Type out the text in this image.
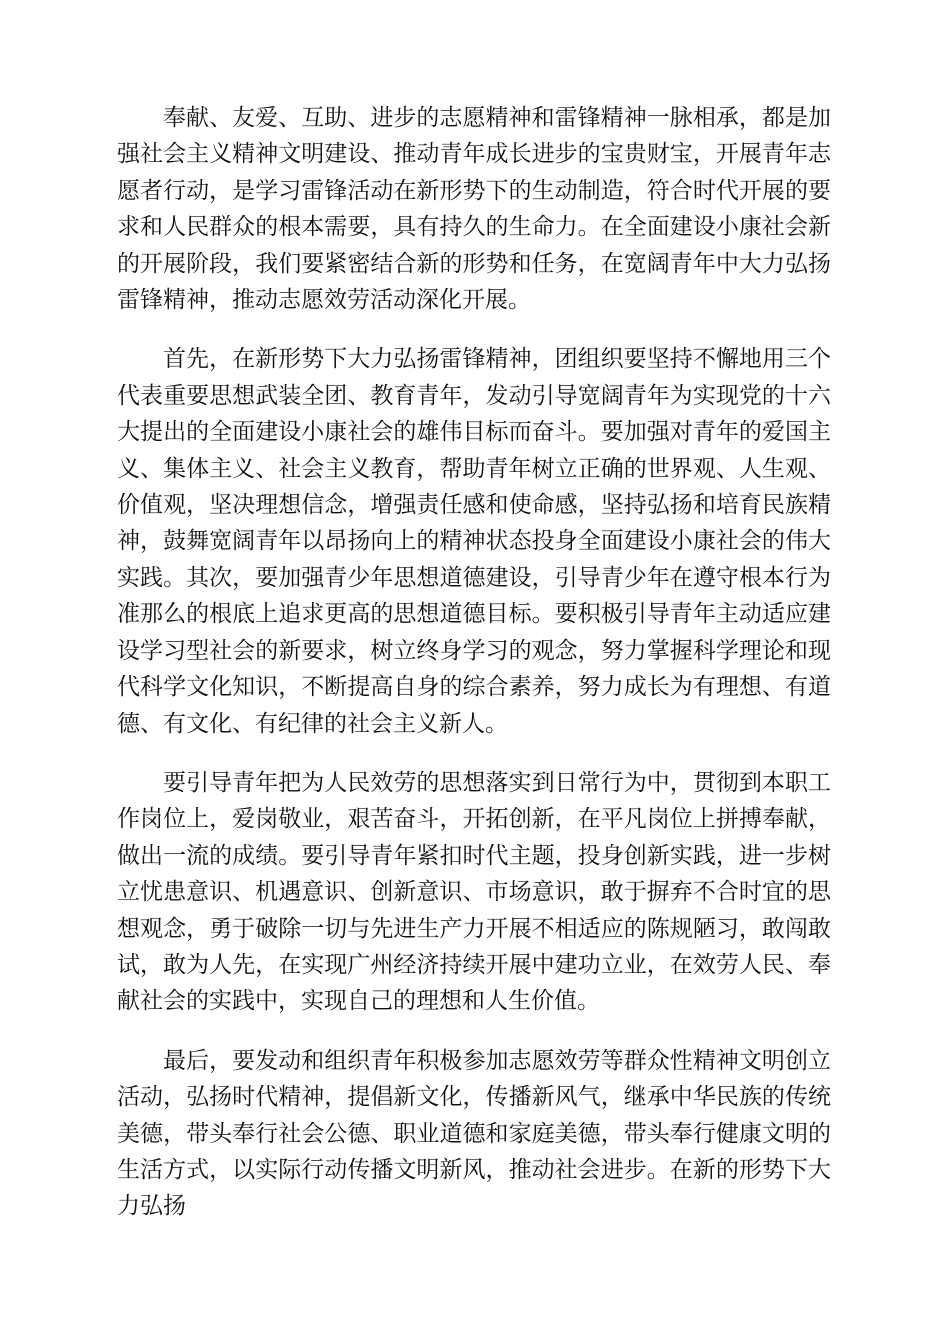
奉献、友爱、互助、进步的志愿精神和雷锋精神一脉相承，都是加强社会主义精神文明建设、推动青年成长进步的宝贵财宝，开展青年志愿者行动，是学习雷锋活动在新形势下的生动制造，符合时代开展的要求和人民群众的根本需要，具有持久的生命力。在全面建设小康社会新的开展阶段，我们要紧密结合新的形势和任务，在宽阔青年中大力弘扬雷锋精神，推动志愿效劳活动深化开展。

首先，在新形势下大力弘扬雷锋精神，团组织要坚持不懈地用三个代表重要思想武装全团、教育青年，发动引导宽阔青年为实现党的十六大提出的全面建设小康社会的雄伟目标而奋斗。要加强对青年的爱国主义、集体主义、社会主义教育，帮助青年树立正确的世界观、人生观、价值观，坚决理想信念，增强责任感和使命感，坚持弘扬和培育民族精神，鼓舞宽阔青年以昂扬向上的精神状态投身全面建设小康社会的伟大实践。其次，要加强青少年思想道德建设，引导青少年在遵守根本行为准那么的根底上追求更高的思想道德目标。要积极引导青年主动适应建设学习型社会的新要求，树立终身学习的观念，努力掌握科学理论和现代科学文化知识，不断提高自身的综合素养，努力成长为有理想、有道德、有文化、有纪律的社会主义新人。

要引导青年把为人民效劳的思想落实到日常行为中，贯彻到本职工作岗位上，爱岗敬业，艰苦奋斗，开拓创新，在平凡岗位上拼搏奉献，做出一流的成绩。要引导青年紧扣时代主题，投身创新实践，进一步树立忧患意识、机遇意识、创新意识、市场意识，敢于摒弃不合时宜的思想观念，勇于破除一切与先进生产力开展不相适应的陈规陋习，敢闯敢试，敢为人先，在实现广州经济持续开展中建功立业，在效劳人民、奉献社会的实践中，实现自己的理想和人生价值。

最后，要发动和组织青年积极参加志愿效劳等群众性精神文明创立活动，弘扬时代精神，提倡新文化，传播新风气，继承中华民族的传统美德，带头奉行社会公德、职业道德和家庭美德，带头奉行健康文明的生活方式，以实际行动传播文明新风，推动社会进步。在新的形势下大力弘扬
